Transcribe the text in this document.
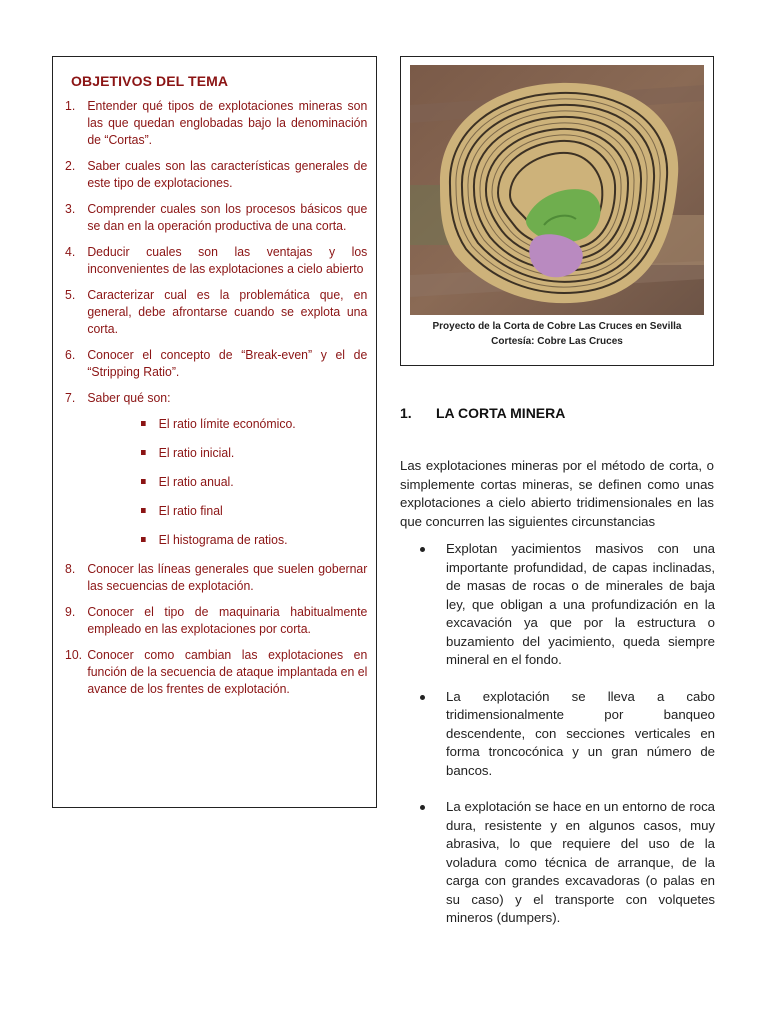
OBJETIVOS DEL TEMA
1. Entender qué tipos de explotaciones mineras son las que quedan englobadas bajo la denominación de “Cortas”.
2. Saber cuales son las características generales de este tipo de explotaciones.
3. Comprender cuales son los procesos básicos que se dan en la operación productiva de una corta.
4. Deducir cuales son las ventajas y los inconvenientes de las explotaciones a cielo abierto
5. Caracterizar cual es la problemática que, en general, debe afrontarse cuando se explota una corta.
6. Conocer el concepto de “Break-even” y el de “Stripping Ratio”.
7. Saber qué son:
El ratio límite económico.
El ratio inicial.
El ratio anual.
El ratio final
El histograma de ratios.
8. Conocer las líneas generales que suelen gobernar las secuencias de explotación.
9. Conocer el tipo de maquinaria habitualmente empleado en las explotaciones por corta.
10. Conocer como cambian las explotaciones en función de la secuencia de ataque implantada en el avance de los frentes de explotación.
Proyecto de la Corta de Cobre Las Cruces en Sevilla
Cortesía: Cobre Las Cruces
1.	LA CORTA MINERA

Las explotaciones mineras por el método de corta, o simplemente cortas mineras, se definen como unas explotaciones a cielo abierto tridimensionales en las que concurren las siguientes circunstancias

Explotan yacimientos masivos con una importante profundidad, de capas inclinadas, de masas de rocas o de minerales de baja ley, que obligan a una profundización en la excavación ya que por la estructura o buzamiento del yacimiento, queda siempre mineral en el fondo.
La explotación se lleva a cabo tridimensionalmente por banqueo descendente, con secciones verticales en forma troncocónica y un gran número de bancos.
La explotación se hace en un entorno de roca dura, resistente y en algunos casos, muy abrasiva, lo que requiere del uso de la voladura como técnica de arranque, de la carga con grandes excavadoras (o palas en su caso) y el transporte con volquetes mineros (dumpers).
